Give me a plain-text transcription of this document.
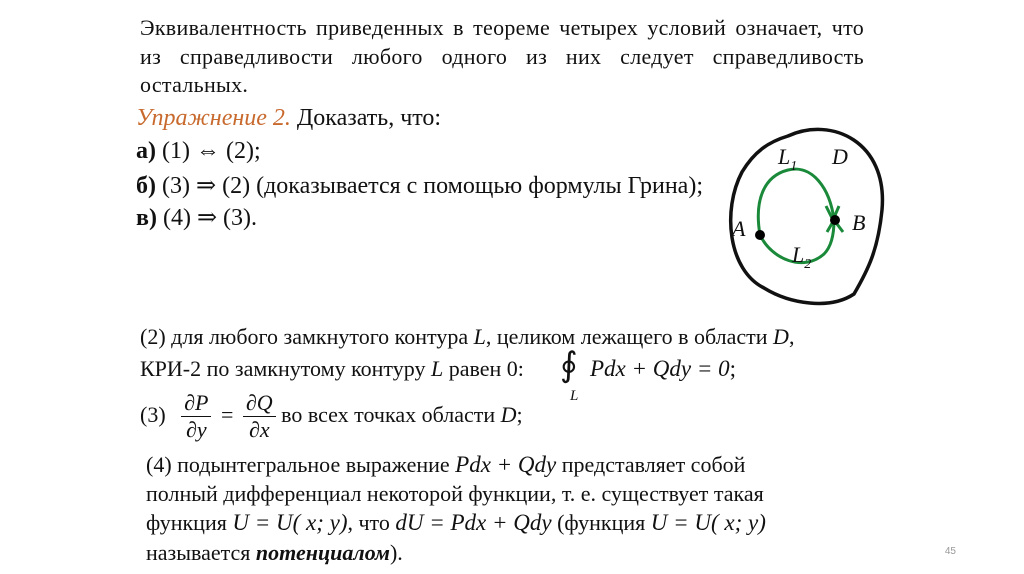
Эквивалентность приведенных в теореме четырех условий означает, что из справедливости любого одного из них следует справедливость остальных.
Упражнение 2. Доказать, что:
а) (1) ⇔ (2);
б) (3) ⇒ (2) (доказывается с помощью формулы Грина);
в) (4) ⇒ (3).
D
$L_1$
A	B
$L_2$
(2) для любого замкнутого контура L, целиком лежащего в области D,
КРИ-2 по замкнутому контуру L равен 0: ∮
L
Pdx + Qdy = 0;
$(3) \frac{\partial P}{\partial y} = \frac{\partial Q}{\partial x}$ во всех точках области D;
(4) подынтегральное выражение Pdx + Qdy представляет собой
полный дифференциал некоторой функции, т. е. существует такая
функция U = U( x; y), что dU = Pdx + Qdy (функция U = U( x; y)
называется потенциалом).	45
